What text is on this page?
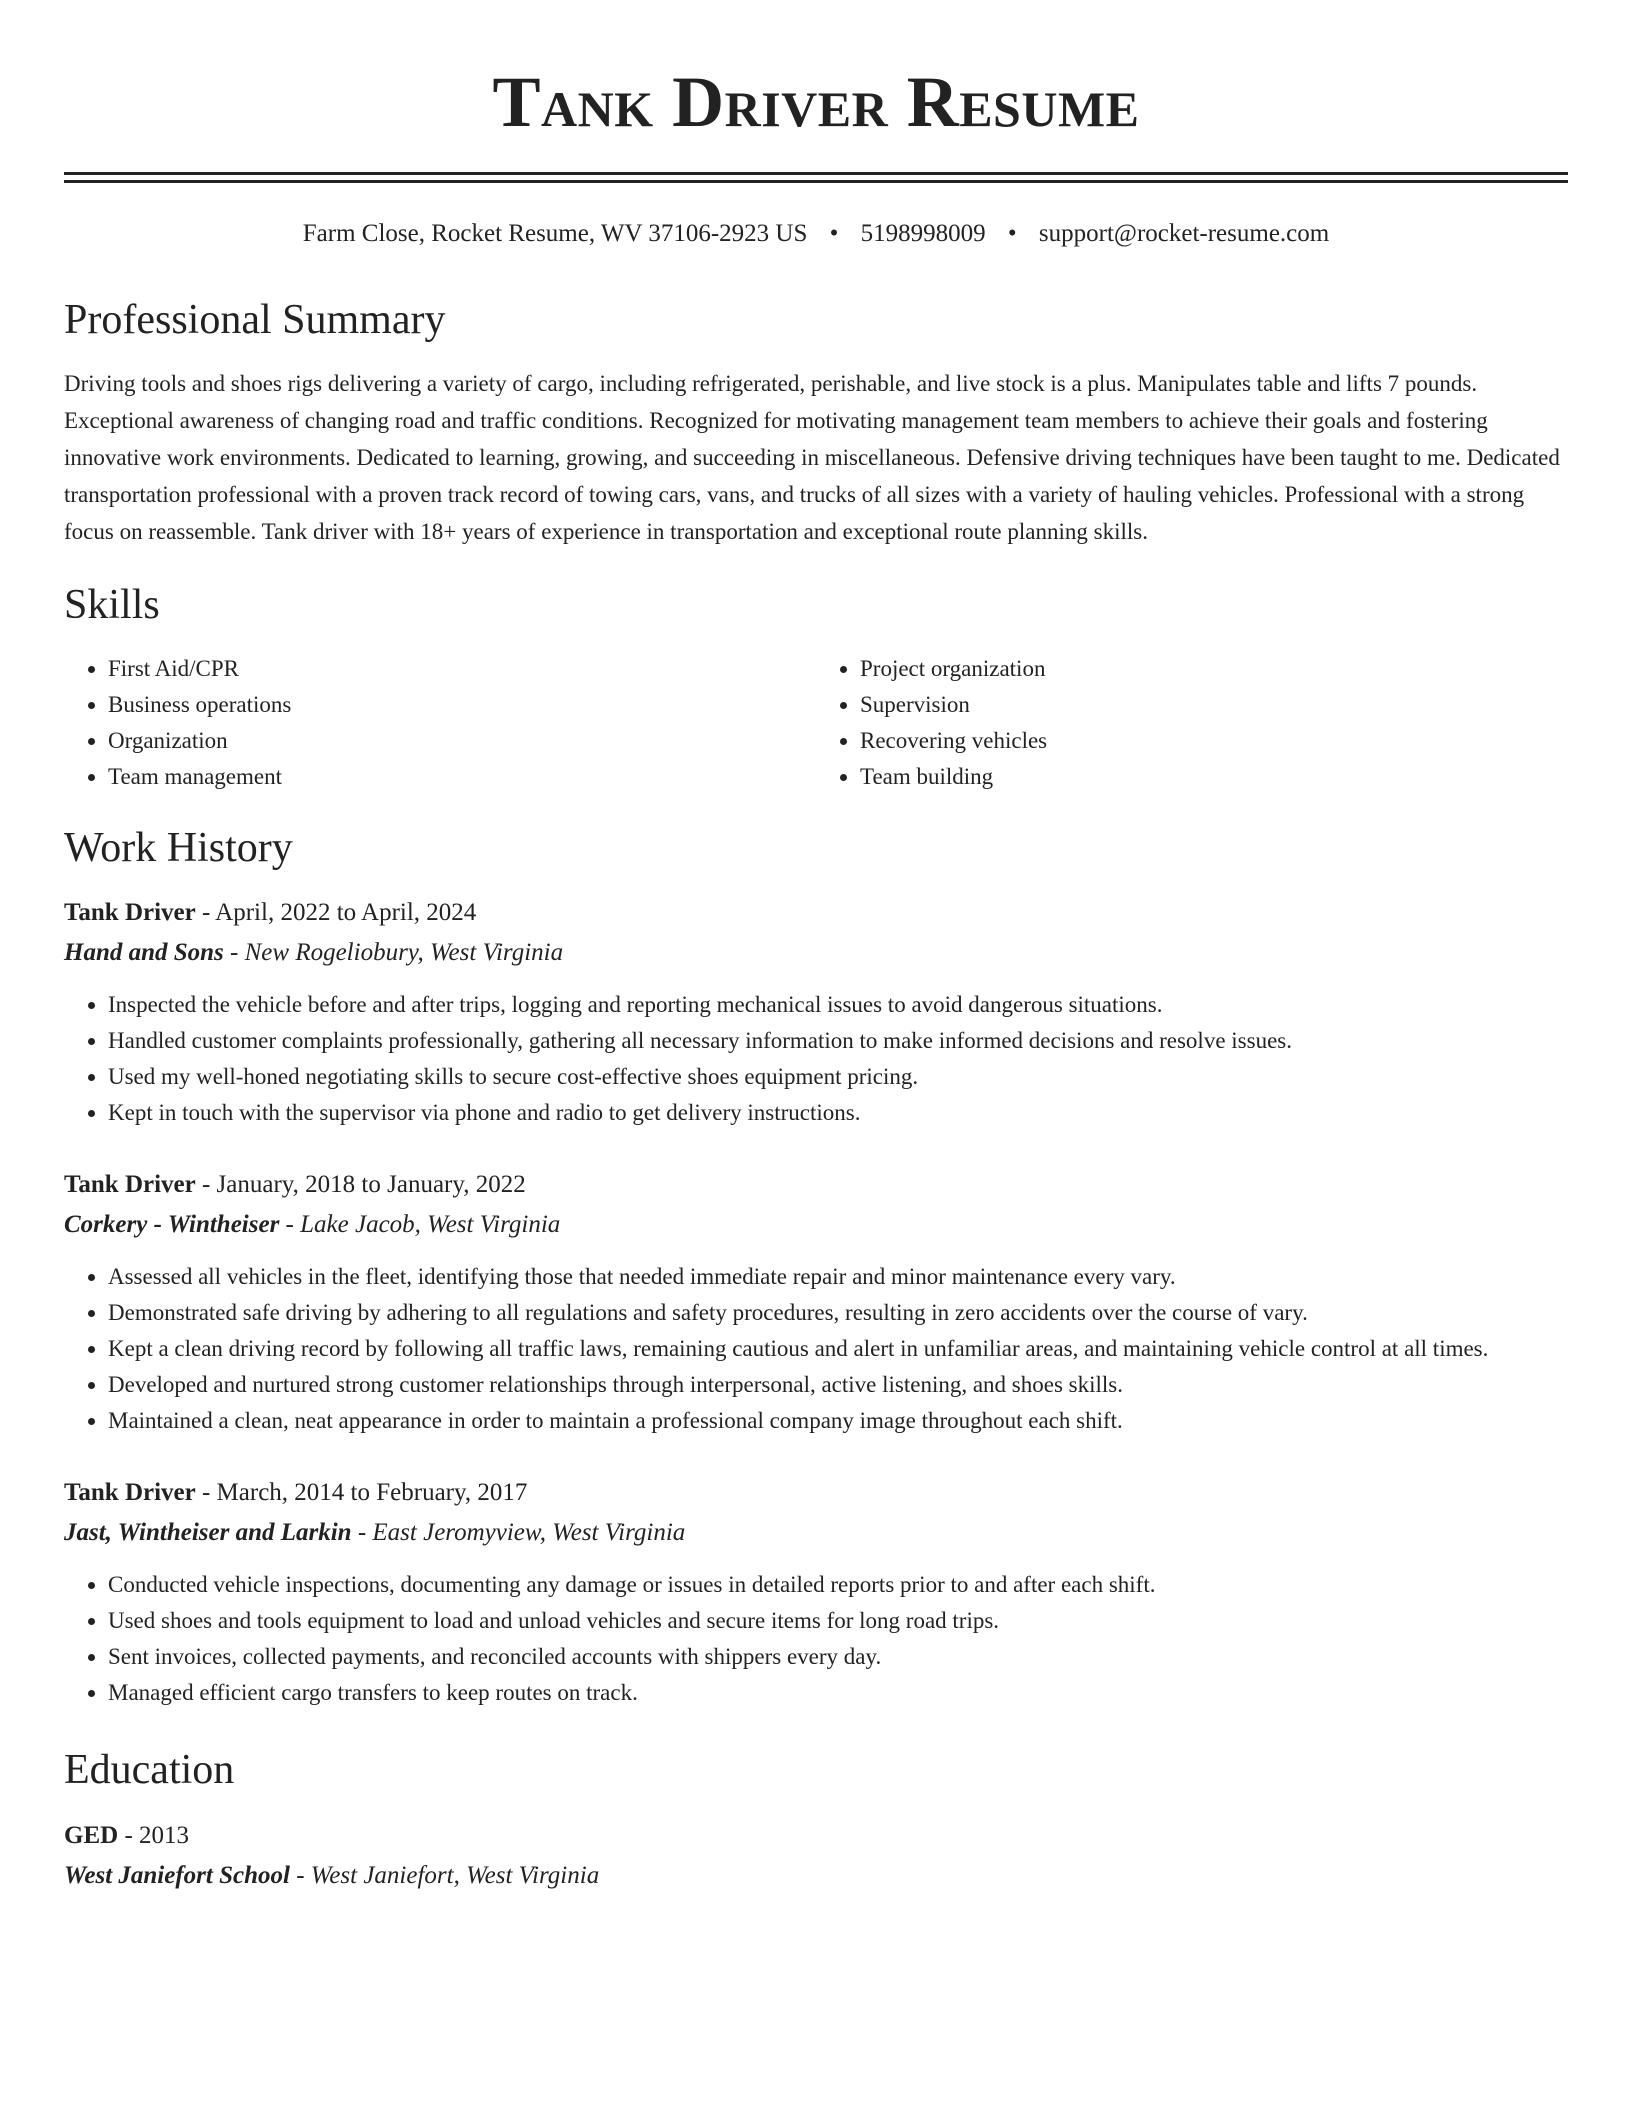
Tank Driver Resume
Farm Close, Rocket Resume, WV 37106-2923 US • 5198998009 • support@rocket-resume.com
Professional Summary

Driving tools and shoes rigs delivering a variety of cargo, including refrigerated, perishable, and live stock is a plus. Manipulates table and lifts 7 pounds. Exceptional awareness of changing road and traffic conditions. Recognized for motivating management team members to achieve their goals and fostering innovative work environments. Dedicated to learning, growing, and succeeding in miscellaneous. Defensive driving techniques have been taught to me. Dedicated transportation professional with a proven track record of towing cars, vans, and trucks of all sizes with a variety of hauling vehicles. Professional with a strong focus on reassemble. Tank driver with 18+ years of experience in transportation and exceptional route planning skills.

Skills
• First Aid/CPR
• Business operations
• Organization
• Team management
• Project organization
• Supervision
• Recovering vehicles
• Team building
Work History
Tank Driver - April, 2022 to April, 2024
Hand and Sons - New Rogeliobury, West Virginia
• Inspected the vehicle before and after trips, logging and reporting mechanical issues to avoid dangerous situations.
• Handled customer complaints professionally, gathering all necessary information to make informed decisions and resolve issues.
• Used my well-honed negotiating skills to secure cost-effective shoes equipment pricing.
• Kept in touch with the supervisor via phone and radio to get delivery instructions.
Tank Driver - January, 2018 to January, 2022
Corkery - Wintheiser - Lake Jacob, West Virginia
• Assessed all vehicles in the fleet, identifying those that needed immediate repair and minor maintenance every vary.
• Demonstrated safe driving by adhering to all regulations and safety procedures, resulting in zero accidents over the course of vary.
• Kept a clean driving record by following all traffic laws, remaining cautious and alert in unfamiliar areas, and maintaining vehicle control at all times.
• Developed and nurtured strong customer relationships through interpersonal, active listening, and shoes skills.
• Maintained a clean, neat appearance in order to maintain a professional company image throughout each shift.
Tank Driver - March, 2014 to February, 2017
Jast, Wintheiser and Larkin - East Jeromyview, West Virginia
• Conducted vehicle inspections, documenting any damage or issues in detailed reports prior to and after each shift.
• Used shoes and tools equipment to load and unload vehicles and secure items for long road trips.
• Sent invoices, collected payments, and reconciled accounts with shippers every day.
• Managed efficient cargo transfers to keep routes on track.
Education
GED - 2013
West Janiefort School - West Janiefort, West Virginia
